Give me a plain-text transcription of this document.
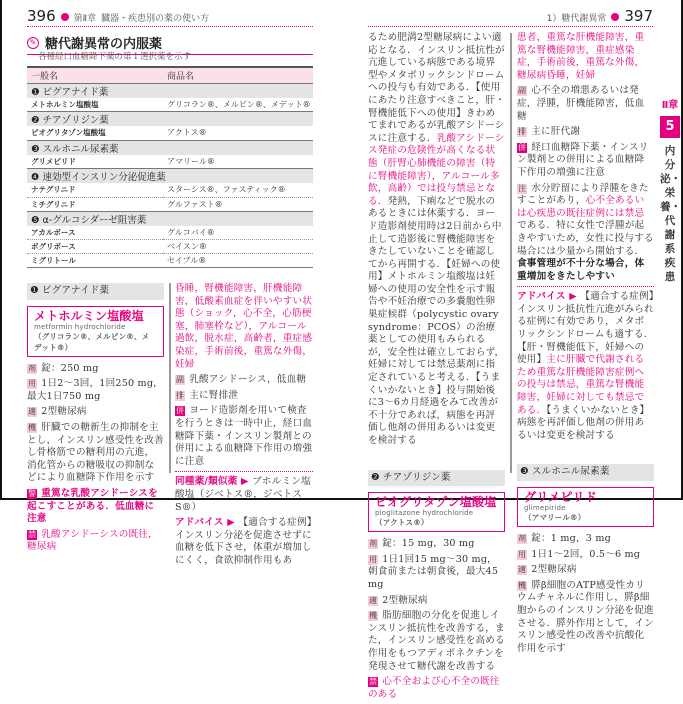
396 第Ⅱ章 臓器・疾患別の薬の使い方	1）糖代謝異常 397
✎ 糖代謝異常の内服薬
各種経口血糖降下薬の第１選択薬を示す
一般名	商品名
❶ ビグアナイド薬	
メトホルミン塩酸塩	グリコラン®、メルビン®、メデット®
❷ チアゾリジン薬	
ピオグリタゾン塩酸塩	アクトス®
❸ スルホニル尿素薬	
グリメピリド	アマリール®
❹ 速効型インスリン分泌促進薬	
ナテグリニド	スターシス®、ファスティック®
ミチグリニド	グルファスト®
❺ α-グルコシダーゼ阻害薬	
アカルボース	グルコバイ®
ボグリボース	ベイスン®
ミグリトール	セイブル®
❶ ビグアナイド薬
メトホルミン塩酸塩
metformin hydrochloride
（グリコラン®、メルビン®、メデット®）
剤 錠：250 mg
用 1日2～3回，1回250 mg，最大1日750 mg
適 2型糖尿病
機 肝臓での糖新生の抑制を主とし，インスリン感受性を改善し骨格筋での糖利用の亢進，消化管からの糖吸収の抑制などにより血糖降下作用を示す
警 重篤な乳酸アシドーシスを起こすことがある．低血糖に注意
禁 乳酸アシドーシスの既往，糖尿病
昏睡，腎機能障害，肝機能障害，低酸素血症を伴いやすい状態（ショック，心不全，心筋梗塞，肺塞栓など），アルコール過飲，脱水症，高齢者，重症感染症，手術前後，重篤な外傷，妊婦
副 乳酸アシドーシス，低血糖
排 主に腎排泄
併 ヨード造影剤を用いて検査を行うときは一時中止，経口血糖降下薬・インスリン製剤との併用による血糖降下作用の増強に注意
同種薬/類似薬 ▶ ブホルミン塩酸塩（ジベトス®，ジベトスS®）
アドバイス ▶ 【適合する症例】インスリン分泌を促進させずに血糖を低下させ，体重が増加しにくく，食欲抑制作用もあ
るため肥満2型糖尿病によい適応となる．インスリン抵抗性が亢進している病態である境界型やメタボリックシンドロームへの投与も有効である．【使用にあたり注意すべきこと，肝・腎機能低下への使用】きわめてまれであるが乳酸アシドーシスに注意する．乳酸アシドーシス発症の危険性が高くなる状態（肝腎心肺機能の障害（特に腎機能障害），アルコール多飲，高齢）では投与禁忌となる．発熱，下痢などで脱水のあるときには休薬する．ヨード造影剤使用時は2日前から中止して造影後に腎機能障害をきたしていないことを確認してから再開する．【妊婦への使用】メトホルミン塩酸塩は妊婦への使用の安全性を示す報告や不妊治療での多嚢胞性卵巣症候群（polycystic ovary syndrome：PCOS）の治療薬としての使用もみられるが，安全性は確立しておらず，妊婦に対しては禁忌薬剤に指定されていると考える．【うまくいかないとき】投与開始後に3～6カ月経過をみて改善が不十分であれば，病態を再評価し他剤の併用あるいは変更を検討する
❷ チアゾリジン薬
ピオグリタゾン塩酸塩
pioglitazone hydrochloride
（アクトス®）
剤 錠：15 mg，30 mg
用 1日1回15 mg～30 mg，朝食前または朝食後，最大45 mg
適 2型糖尿病
機 脂肪細胞の分化を促進しインスリン抵抗性を改善する，また，インスリン感受性を高める作用をもつアディポネクチンを発現させて糖代謝を改善する
禁 心不全および心不全の既往のある
患者，重篤な肝機能障害，重篤な腎機能障害，重症感染症，手術前後，重篤な外傷，糖尿病昏睡，妊婦
副 心不全の増悪あるいは発症，浮腫，肝機能障害，低血糖
排 主に肝代謝
併 経口血糖降下薬・インスリン製剤との併用による血糖降下作用の増強に注意
注 水分貯留により浮腫をきたすことがあり，心不全あるいは心疾患の既往症例には禁忌である．特に女性で浮腫が起きやすいため，女性に投与する場合には少量から開始する．食事管理が不十分な場合，体重増加をきたしやすい
アドバイス ▶ 【適合する症例】インスリン抵抗性亢進がみられる症例に有効であり，メタボリックシンドロームも適する．【肝・腎機能低下，妊婦への使用】主に肝臓で代謝されるため重篤な肝機能障害症例への投与は禁忌，重篤な腎機能障害，妊婦に対しても禁忌である．【うまくいかないとき】病態を再評価し他剤の併用あるいは変更を検討する
❸ スルホニル尿素薬
グリメピリド
glimepiride
（アマリール®）
剤 錠：1 mg，3 mg
用 1日1～2回，0.5～6 mg
適 2型糖尿病
機 膵β細胞のATP感受性カリウムチャネルに作用し，膵β細胞からのインスリン分泌を促進させる．膵外作用として，インスリン感受性の改善や抗酸化作用を示す
Ⅱ章
5
内分泌・栄養・代謝系疾患
